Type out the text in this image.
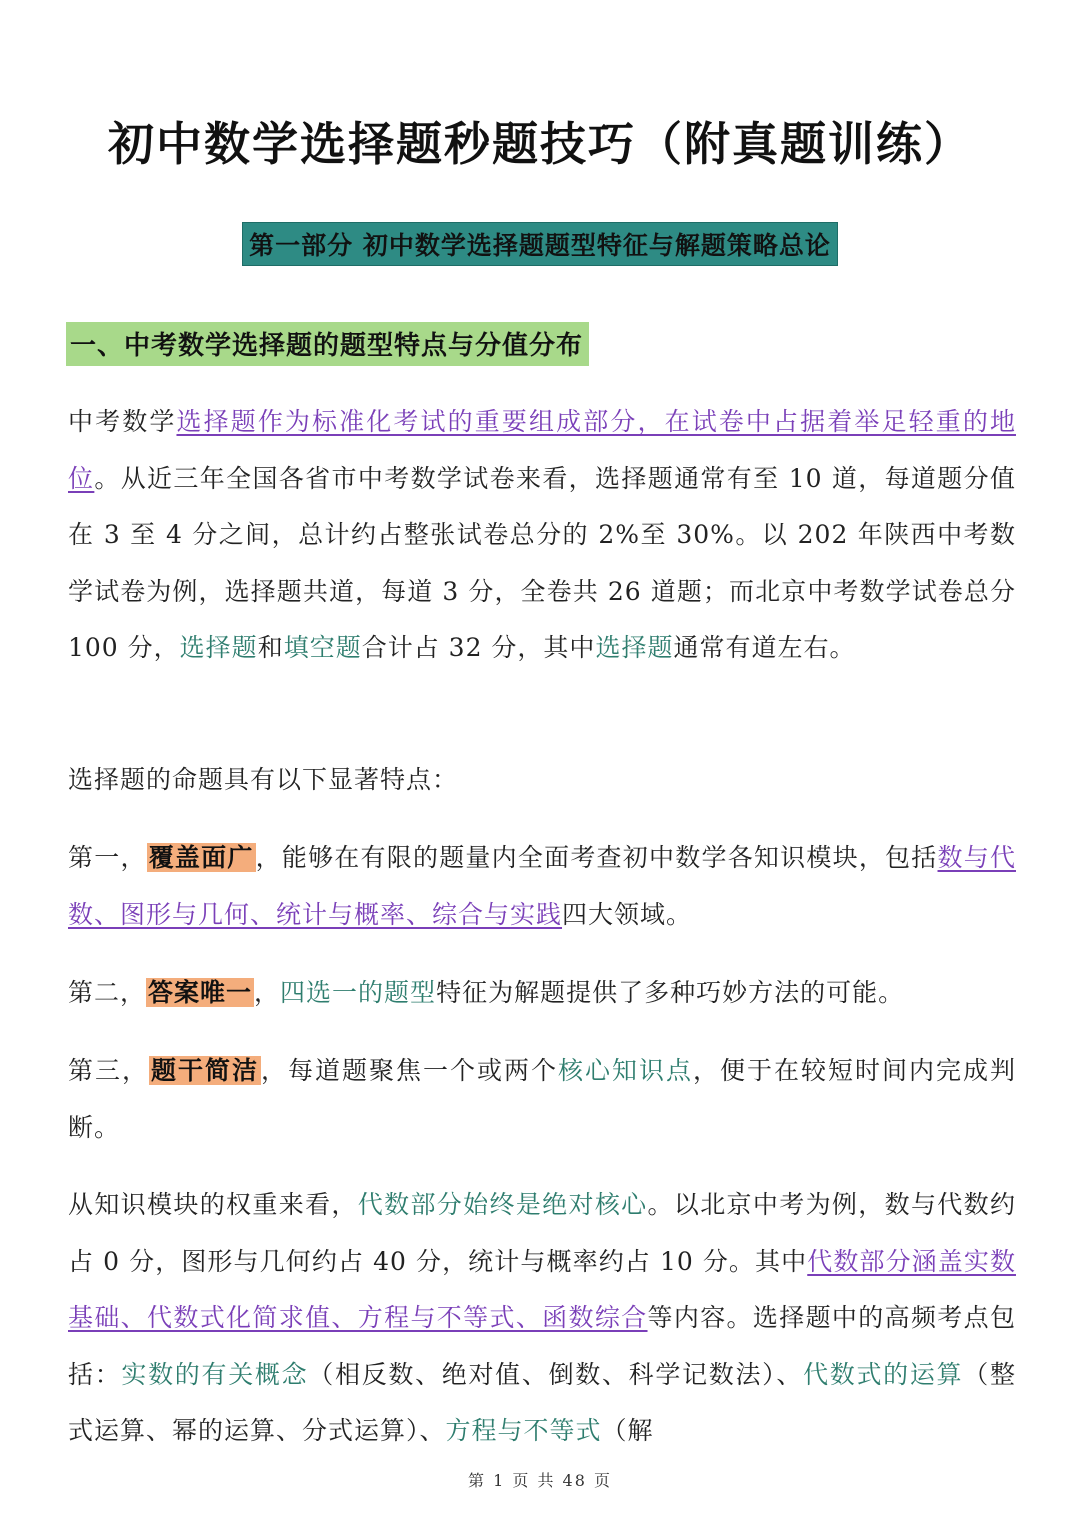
初中数学选择题秒题技巧（附真题训练）
第一部分 初中数学选择题题型特征与解题策略总论
一、中考数学选择题的题型特点与分值分布

中考数学选择题作为标准化考试的重要组成部分，在试卷中占据着举足轻重的地位。从近三年全国各省市中考数学试卷来看，选择题通常有至 10 道，每道题分值在 3 至 4 分之间，总计约占整张试卷总分的 2%至 30%。以 202 年陕西中考数学试卷为例，选择题共道，每道 3 分，全卷共 26 道题；而北京中考数学试卷总分 100 分，选择题和填空题合计占 32 分，其中选择题通常有道左右。

选择题的命题具有以下显著特点：

第一，覆盖面广，能够在有限的题量内全面考查初中数学各知识模块，包括数与代数、图形与几何、统计与概率、综合与实践四大领域。

第二，答案唯一，四选一的题型特征为解题提供了多种巧妙方法的可能。

第三，题干简洁，每道题聚焦一个或两个核心知识点，便于在较短时间内完成判断。

从知识模块的权重来看，代数部分始终是绝对核心。以北京中考为例，数与代数约占 0 分，图形与几何约占 40 分，统计与概率约占 10 分。其中代数部分涵盖实数基础、代数式化简求值、方程与不等式、函数综合等内容。选择题中的高频考点包括：实数的有关概念（相反数、绝对值、倒数、科学记数法）、代数式的运算（整式运算、幂的运算、分式运算）、方程与不等式（解

第 1 页 共 48 页
